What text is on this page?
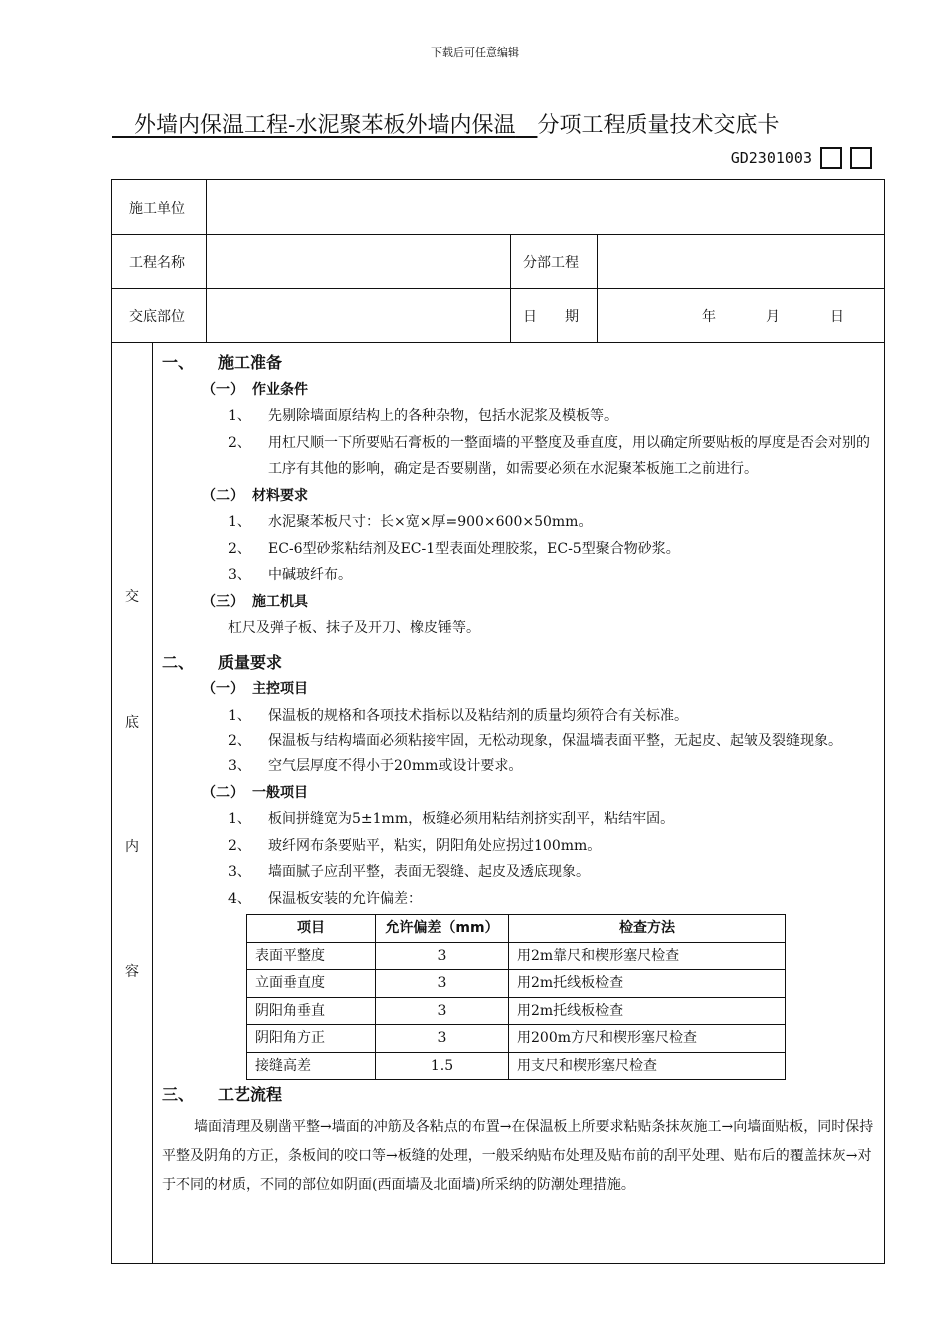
下载后可任意编辑
　外墙内保温工程-水泥聚苯板外墙内保温　 分项工程质量技术交底卡
GD2301003
施工单位
工程名称	分部工程
交底部位	日　　期	年	月	日
交
底
内
容
一、 施工准备
（一） 作业条件
1、	先剔除墙面原结构上的各种杂物，包括水泥浆及模板等。
2、	用杠尺顺一下所要贴石膏板的一整面墙的平整度及垂直度，用以确定所要贴板的厚度是否会对别的工序有其他的影响，确定是否要剔凿，如需要必须在水泥聚苯板施工之前进行。
（二） 材料要求
1、	水泥聚苯板尺寸：长×宽×厚=900×600×50mm。
2、	EC-6型砂浆粘结剂及EC-1型表面处理胶浆，EC-5型聚合物砂浆。
3、	中碱玻纤布。
（三） 施工机具
杠尺及弹子板、抹子及开刀、橡皮锤等。
二、 质量要求
（一） 主控项目
1、	保温板的规格和各项技术指标以及粘结剂的质量均须符合有关标准。
2、	保温板与结构墙面必须粘接牢固，无松动现象，保温墙表面平整，无起皮、起皱及裂缝现象。
3、	空气层厚度不得小于20mm或设计要求。
（二） 一般项目
1、	板间拼缝宽为5±1mm，板缝必须用粘结剂挤实刮平，粘结牢固。
2、	玻纤网布条要贴平，粘实，阴阳角处应拐过100mm。
3、	墙面腻子应刮平整，表面无裂缝、起皮及透底现象。
4、	保温板安装的允许偏差：
项目	允许偏差（mm）	检查方法
表面平整度	3	用2m靠尺和楔形塞尺检查
立面垂直度	3	用2m托线板检查
阴阳角垂直	3	用2m托线板检查
阴阳角方正	3	用200m方尺和楔形塞尺检查
接缝高差	1.5	用支尺和楔形塞尺检查
三、 工艺流程
墙面清理及剔凿平整→墙面的冲筋及各粘点的布置→在保温板上所要求粘贴条抹灰施工→向墙面贴板，同时保持平整及阴角的方正，条板间的咬口等→板缝的处理，一般采纳贴布处理及贴布前的刮平处理、贴布后的覆盖抹灰→对于不同的材质，不同的部位如阴面(西面墙及北面墙)所采纳的防潮处理措施。
